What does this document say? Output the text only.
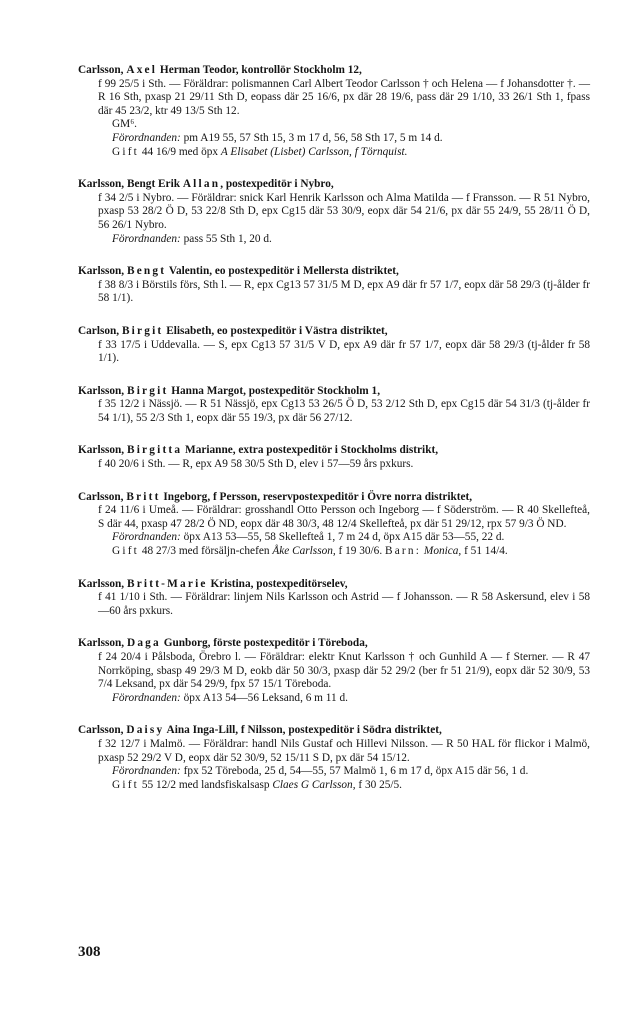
Carlsson, Axel Herman Teodor, kontrollör Stockholm 12,

f 99 25/5 i Sth. — Föräldrar: polismannen Carl Albert Teodor Carlsson † och Helena — f Johansdotter †. — R 16 Sth, pxasp 21 29/11 Sth D, eopass där 25 16/6, px där 28 19/6, pass där 29 1/10, 33 26/1 Sth 1, fpass där 45 23/2, ktr 49 13/5 Sth 12.

GM⁶.

Förordnanden: pm A19 55, 57 Sth 15, 3 m 17 d, 56, 58 Sth 17, 5 m 14 d.

Gift 44 16/9 med öpx A Elisabet (Lisbet) Carlsson, f Törnquist.

Karlsson, Bengt Erik Allan, postexpeditör i Nybro,

f 34 2/5 i Nybro. — Föräldrar: snick Karl Henrik Karlsson och Alma Matilda — f Fransson. — R 51 Nybro, pxasp 53 28/2 Ö D, 53 22/8 Sth D, epx Cg15 där 53 30/9, eopx där 54 21/6, px där 55 24/9, 55 28/11 Ö D, 56 26/1 Nybro.

Förordnanden: pass 55 Sth 1, 20 d.

Karlsson, Bengt Valentin, eo postexpeditör i Mellersta distriktet,

f 38 8/3 i Börstils förs, Sth l. — R, epx Cg13 57 31/5 M D, epx A9 där fr 57 1/7, eopx där 58 29/3 (tj-ålder fr 58 1/1).

Carlson, Birgit Elisabeth, eo postexpeditör i Västra distriktet,

f 33 17/5 i Uddevalla. — S, epx Cg13 57 31/5 V D, epx A9 där fr 57 1/7, eopx där 58 29/3 (tj-ålder fr 58 1/1).

Karlsson, Birgit Hanna Margot, postexpeditör Stockholm 1,

f 35 12/2 i Nässjö. — R 51 Nässjö, epx Cg13 53 26/5 Ö D, 53 2/12 Sth D, epx Cg15 där 54 31/3 (tj-ålder fr 54 1/1), 55 2/3 Sth 1, eopx där 55 19/3, px där 56 27/12.

Karlsson, Birgitta Marianne, extra postexpeditör i Stockholms distrikt,

f 40 20/6 i Sth. — R, epx A9 58 30/5 Sth D, elev i 57—59 års pxkurs.

Carlsson, Britt Ingeborg, f Persson, reservpostexpeditör i Övre norra distriktet,

f 24 11/6 i Umeå. — Föräldrar: grosshandl Otto Persson och Ingeborg — f Söderström. — R 40 Skellefteå, S där 44, pxasp 47 28/2 Ö ND, eopx där 48 30/3, 48 12/4 Skellefteå, px där 51 29/12, rpx 57 9/3 Ö ND.

Förordnanden: öpx A13 53—55, 58 Skellefteå 1, 7 m 24 d, öpx A15 där 53—55, 22 d.

Gift 48 27/3 med försäljn-chefen Åke Carlsson, f 19 30/6. Barn: Monica, f 51 14/4.

Karlsson, Britt-Marie Kristina, postexpeditörselev,

f 41 1/10 i Sth. — Föräldrar: linjem Nils Karlsson och Astrid — f Johansson. — R 58 Askersund, elev i 58—60 års pxkurs.

Karlsson, Daga Gunborg, förste postexpeditör i Töreboda,

f 24 20/4 i Pålsboda, Örebro l. — Föräldrar: elektr Knut Karlsson † och Gunhild A — f Sterner. — R 47 Norrköping, sbasp 49 29/3 M D, eokb där 50 30/3, pxasp där 52 29/2 (ber fr 51 21/9), eopx där 52 30/9, 53 7/4 Leksand, px där 54 29/9, fpx 57 15/1 Töreboda.

Förordnanden: öpx A13 54—56 Leksand, 6 m 11 d.

Carlsson, Daisy Aina Inga-Lill, f Nilsson, postexpeditör i Södra distriktet,

f 32 12/7 i Malmö. — Föräldrar: handl Nils Gustaf och Hillevi Nilsson. — R 50 HAL för flickor i Malmö, pxasp 52 29/2 V D, eopx där 52 30/9, 52 15/11 S D, px där 54 15/12.

Förordnanden: fpx 52 Töreboda, 25 d, 54—55, 57 Malmö 1, 6 m 17 d, öpx A15 där 56, 1 d.

Gift 55 12/2 med landsfiskalsasp Claes G Carlsson, f 30 25/5.

308
